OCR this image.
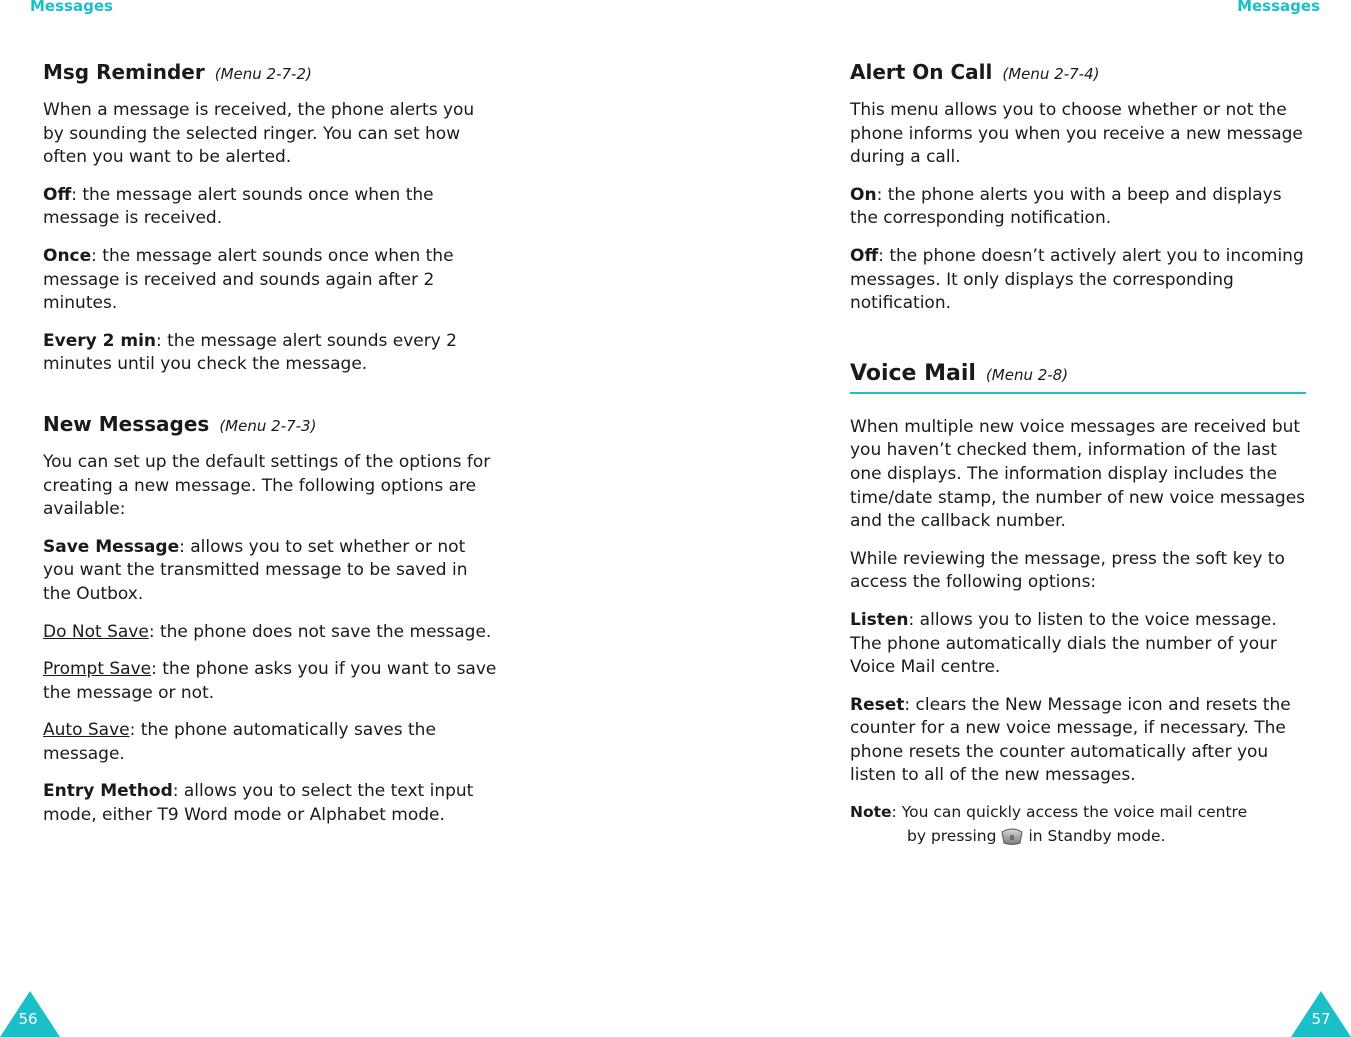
Messages	Messages
Msg Reminder (Menu 2-7-2)

When a message is received, the phone alerts you by sounding the selected ringer. You can set how often you want to be alerted.

Off: the message alert sounds once when the message is received.

Once: the message alert sounds once when the message is received and sounds again after 2 minutes.

Every 2 min: the message alert sounds every 2 minutes until you check the message.

New Messages (Menu 2-7-3)

You can set up the default settings of the options for creating a new message. The following options are available:

Save Message: allows you to set whether or not you want the transmitted message to be saved in the Outbox.

Do Not Save: the phone does not save the message.

Prompt Save: the phone asks you if you want to save the message or not.

Auto Save: the phone automatically saves the message.

Entry Method: allows you to select the text input mode, either T9 Word mode or Alphabet mode.

Alert On Call (Menu 2-7-4)

This menu allows you to choose whether or not the phone informs you when you receive a new message during a call.

On: the phone alerts you with a beep and displays the corresponding notification.

Off: the phone doesn’t actively alert you to incoming messages. It only displays the corresponding notification.

Voice Mail (Menu 2-8)

When multiple new voice messages are received but you haven’t checked them, information of the last one displays. The information display includes the time/date stamp, the number of new voice messages and the callback number.

While reviewing the message, press the soft key to access the following options:

Listen: allows you to listen to the voice message. The phone automatically dials the number of your Voice Mail centre.

Reset: clears the New Message icon and resets the counter for a new voice message, if necessary. The phone resets the counter automatically after you listen to all of the new messages.

Note: You can quickly access the voice mail centre
by pressing 8 in Standby mode.
56	57
